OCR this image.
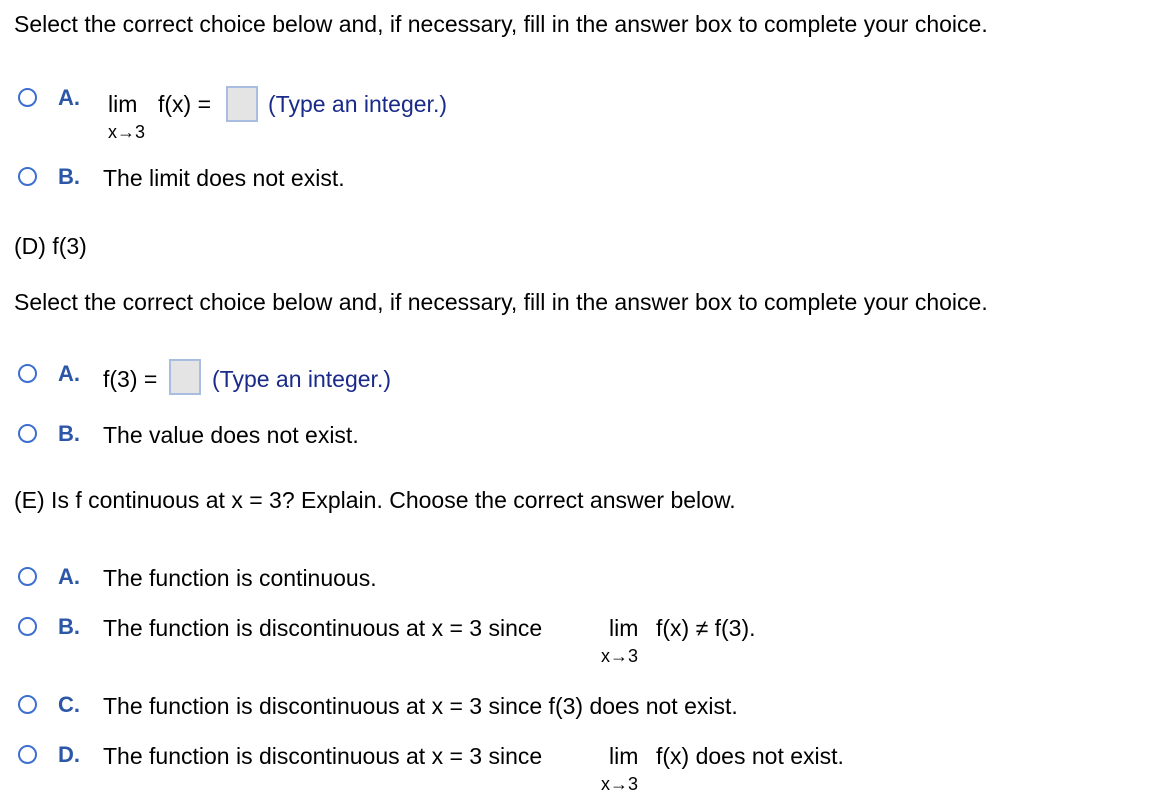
Select the correct choice below and, if necessary, fill in the answer box to complete your choice.
A. lim f(x) =
x→3
(Type an integer.)
B. The limit does not exist.
(D) f(3)
Select the correct choice below and, if necessary, fill in the answer box to complete your choice.
A. f(3) = (Type an integer.)
B. The value does not exist.
(E) Is f continuous at x = 3? Explain. Choose the correct answer below.
A. The function is continuous.
B. The function is discontinuous at x = 3 since	lim f(x) ≠ f(3).
x→3
C. The function is discontinuous at x = 3 since f(3) does not exist.
D. The function is discontinuous at x = 3 since	lim f(x) does not exist.
x→3
